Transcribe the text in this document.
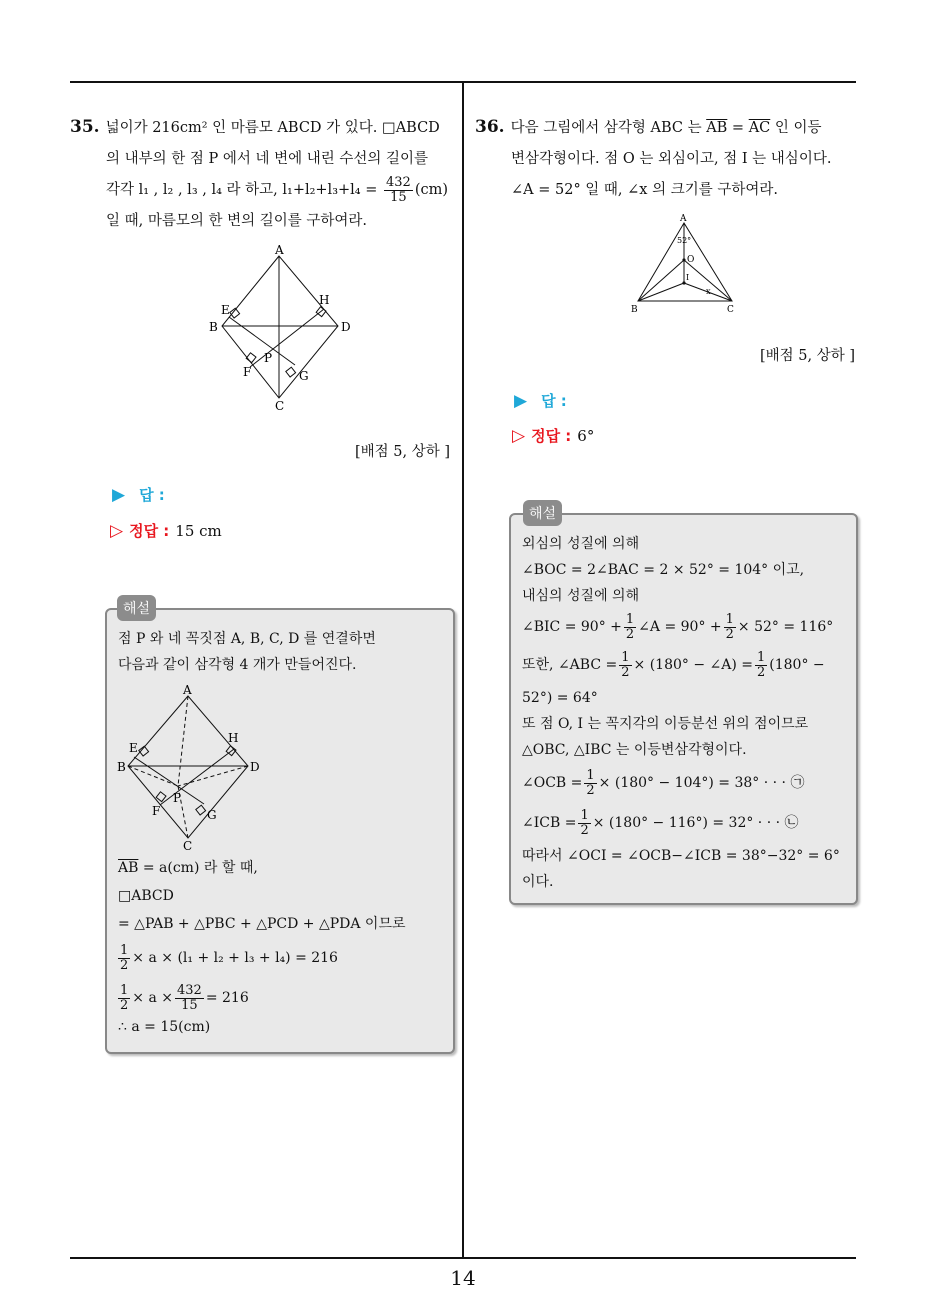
14
35. 넓이가 216cm² 인 마름모 ABCD 가 있다. □ABCD
의 내부의 한 점 P 에서 네 변에 내린 수선의 길이를
각각 l₁ , l₂ , l₃ , l₄ 라 하고, $l_1+l_2+l_3+l_4 = \frac{432}{15} (cm)$
일 때, 마름모의 한 변의 길이를 구하여라.
A
B
C
D
E
F	G
H
P
[배점 5, 상하 ]
▶ 답 :
▷ 정답 : 15 cm
해설
점 P 와 네 꼭짓점 A, B, C, D 를 연결하면
다음과 같이 삼각형 4 개가 만들어진다.
A
B
C
D
E
F	G
H
P
$\overline{AB} = a(cm)$ 라 할 때,
□ABCD
= △PAB + △PBC + △PCD + △PDA 이므로
$\frac{1}{2} \times a \times (l_1 + l_2 + l_3 + l_4) = 216$
$\frac{1}{2} \times a \times \frac{432}{15} = 216$
∴ a = 15(cm)
36. 다음 그림에서 삼각형 ABC 는 $\overline{AB} = \overline{AC}$ 인 이등
변삼각형이다. 점 O 는 외심이고, 점 I 는 내심이다.
∠A = 52° 일 때, ∠x 의 크기를 구하여라.
A
52°
O
I
x
B	C
[배점 5, 상하 ]
▶ 답 :
▷ 정답 : 6°
해설
외심의 성질에 의해
∠BOC = 2∠BAC = 2 × 52° = 104° 이고,
내심의 성질에 의해
∠BIC = $90^\circ + \frac{1}{2}$ ∠A = $90^\circ + \frac{1}{2} \times 52^\circ = 116^\circ$
또한, ∠ABC = $\frac{1}{2} \times (180^\circ$ − ∠A) = $\frac{1}{2} (180^\circ$ −
52°) = 64°
또 점 O, I 는 꼭지각의 이등분선 위의 점이므로
△OBC, △IBC 는 이등변삼각형이다.
∠OCB = $\frac{1}{2} \times (180^\circ - 104^\circ) = 38^\circ$ · · · ㉠
∠ICB = $\frac{1}{2} \times (180^\circ - 116^\circ) = 32^\circ$ · · · ㉡
따라서 ∠OCI = ∠OCB−∠ICB = 38°−32° = 6°
이다.
